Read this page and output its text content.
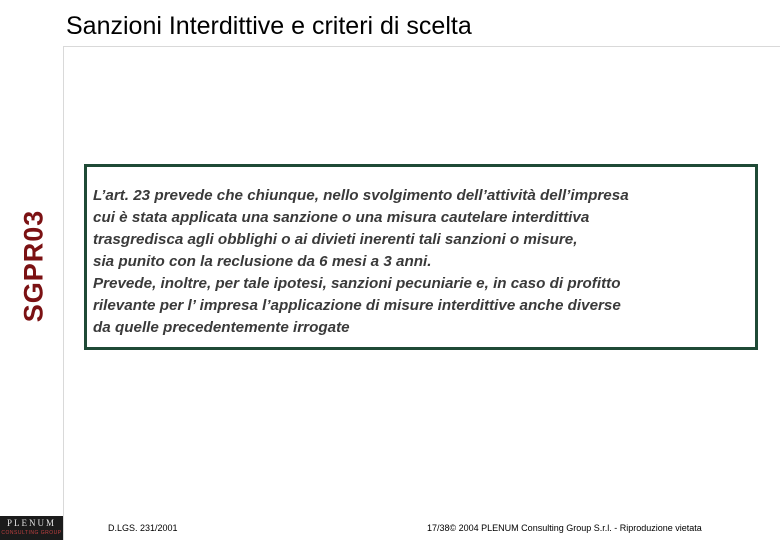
Sanzioni Interdittive e criteri di scelta
SGPR03

L’art. 23 prevede che chiunque, nello svolgimento dell’attività dell’impresa
cui è stata applicata una sanzione o una misura cautelare interdittiva
trasgredisca agli obblighi o ai divieti inerenti tali sanzioni o misure,
sia punito con la reclusione da 6 mesi a 3 anni.
Prevede, inoltre, per tale ipotesi, sanzioni pecuniarie e, in caso di profitto
rilevante per l’ impresa l’applicazione di misure interdittive anche diverse
da quelle precedentemente irrogate

PLENUM
CONSULTING GROUP	D.LGS. 231/2001	17/38© 2004 PLENUM Consulting Group S.r.l. - Riproduzione vietata
